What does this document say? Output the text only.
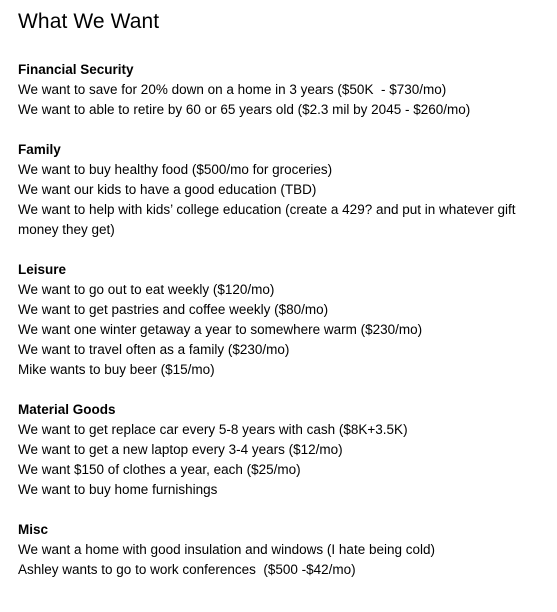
What We Want

Financial Security

We want to save for 20% down on a home in 3 years ($50K  - $730/mo)

We want to able to retire by 60 or 65 years old ($2.3 mil by 2045 - $260/mo)

Family

We want to buy healthy food ($500/mo for groceries)

We want our kids to have a good education (TBD)

We want to help with kids’ college education (create a 429? and put in whatever gift money they get)

Leisure

We want to go out to eat weekly ($120/mo)

We want to get pastries and coffee weekly ($80/mo)

We want one winter getaway a year to somewhere warm ($230/mo)

We want to travel often as a family ($230/mo)

Mike wants to buy beer ($15/mo)

Material Goods

We want to get replace car every 5-8 years with cash ($8K+3.5K)

We want to get a new laptop every 3-4 years ($12/mo)

We want $150 of clothes a year, each ($25/mo)

We want to buy home furnishings

Misc

We want a home with good insulation and windows (I hate being cold)

Ashley wants to go to work conferences  ($500 -$42/mo)
